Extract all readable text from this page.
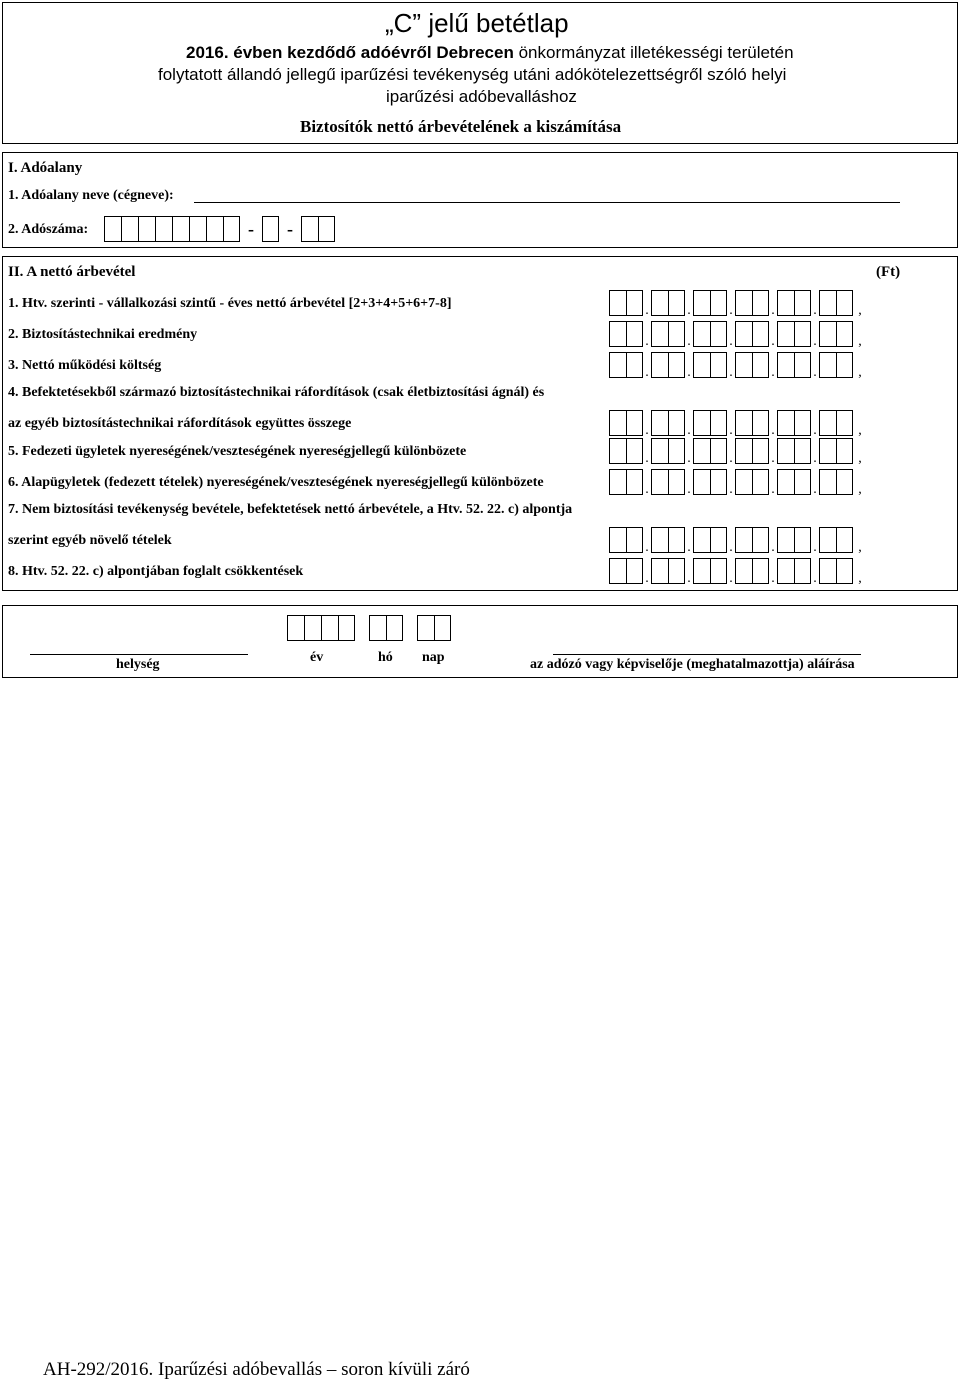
„C” jelű betétlap
2016. évben kezdődő adóévről Debrecen önkormányzat illetékességi területén
folytatott állandó jellegű iparűzési tevékenység utáni adókötelezettségről szóló helyi
iparűzési adóbevalláshoz
Biztosítók nettó árbevételének a kiszámítása
I. Adóalany
1. Adóalany neve (cégneve):
2. Adószáma:	-	-
II. A nettó árbevétel	(Ft)
1. Htv. szerinti - vállalkozási szintű - éves nettó árbevétel [2+3+4+5+6+7-8]	.	.	.	.	.	,
2. Biztosítástechnikai eredmény	.	.	.	.	.	,
3. Nettó működési költség	.	.	.	.	.	,
4. Befektetésekből származó biztosítástechnikai ráfordítások (csak életbiztosítási ágnál) és
az egyéb biztosítástechnikai ráfordítások együttes összege	.	.	.	.	.	,
5. Fedezeti ügyletek nyereségének/veszteségének nyereségjellegű különbözete	.	.	.	.	.	,
6. Alapügyletek (fedezett tételek) nyereségének/veszteségének nyereségjellegű különbözete	.	.	.	.	.	,
7. Nem biztosítási tevékenység bevétele, befektetések nettó árbevétele, a Htv. 52. 22. c) alpontja
szerint egyéb növelő tételek	.	.	.	.	.	,
8. Htv. 52. 22. c) alpontjában foglalt csökkentések	.	.	.	.	.	,
helység	év	hó nap	az adózó vagy képviselője (meghatalmazottja) aláírása
AH-292/2016. Iparűzési adóbevallás – soron kívüli záró
